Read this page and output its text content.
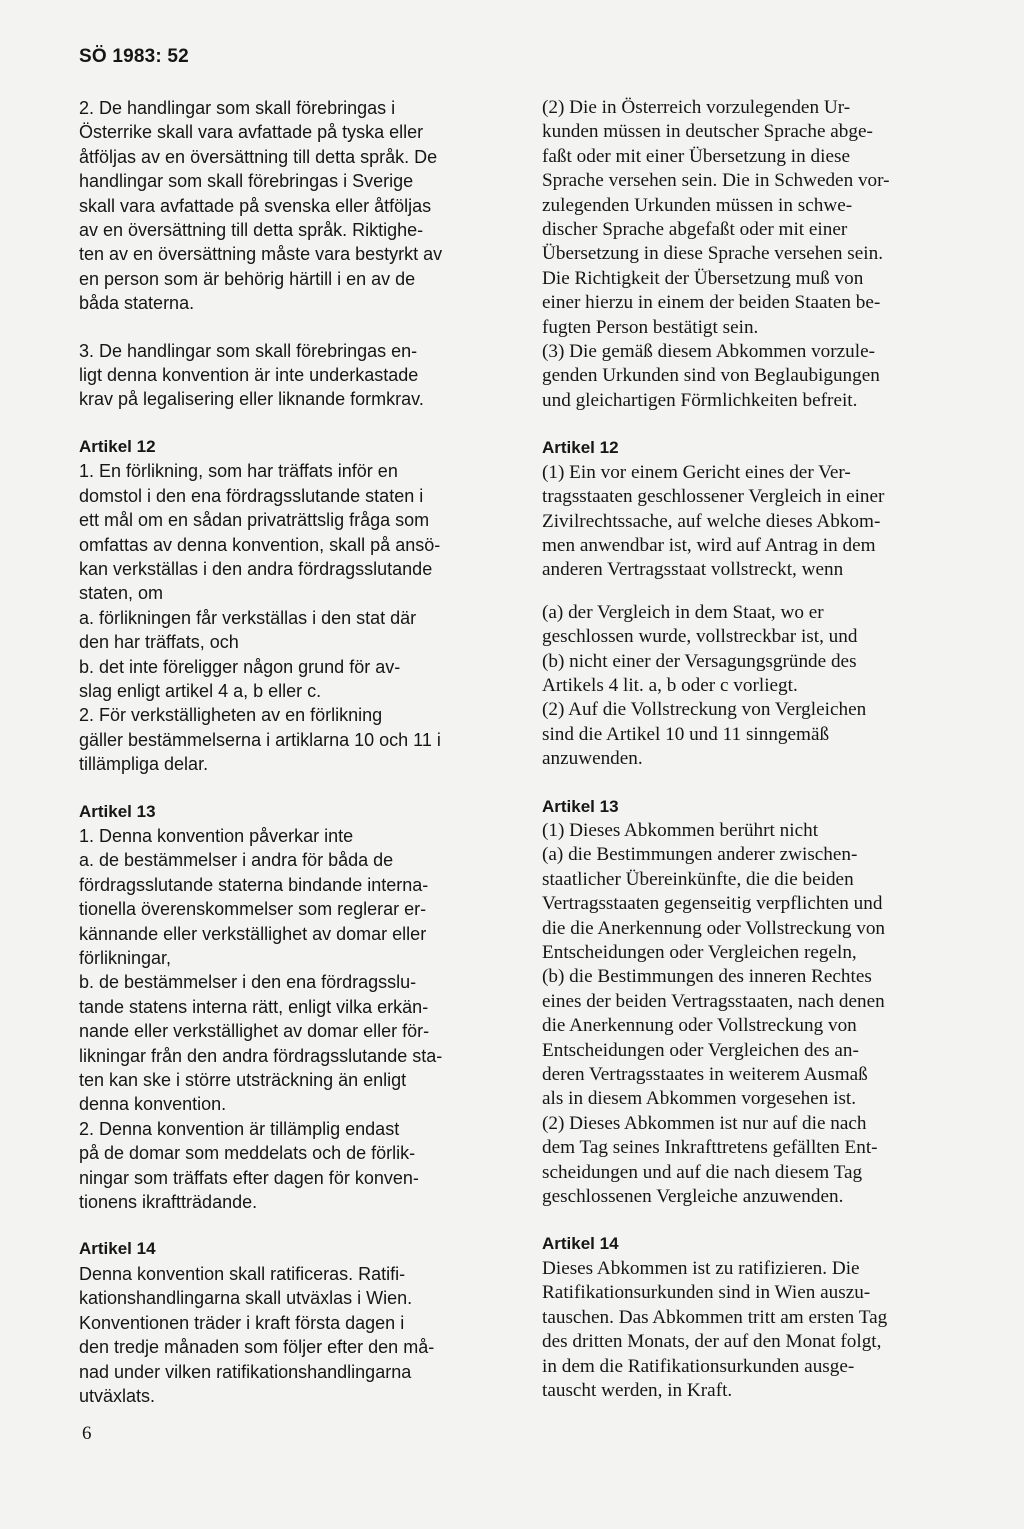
SÖ 1983: 52
2. De handlingar som skall förebringas i
Österrike skall vara avfattade på tyska eller
åtföljas av en översättning till detta språk. De
handlingar som skall förebringas i Sverige
skall vara avfattade på svenska eller åtföljas
av en översättning till detta språk. Riktighe-
ten av en översättning måste vara bestyrkt av
en person som är behörig härtill i en av de
båda staterna.
3. De handlingar som skall förebringas en-
ligt denna konvention är inte underkastade
krav på legalisering eller liknande formkrav.
Artikel 12
1. En förlikning, som har träffats inför en
domstol i den ena fördragsslutande staten i
ett mål om en sådan privaträttslig fråga som
omfattas av denna konvention, skall på ansö-
kan verkställas i den andra fördragsslutande
staten, om
a. förlikningen får verkställas i den stat där
den har träffats, och
b. det inte föreligger någon grund för av-
slag enligt artikel 4 a, b eller c.
2. För verkställigheten av en förlikning
gäller bestämmelserna i artiklarna 10 och 11 i
tillämpliga delar.
Artikel 13
1. Denna konvention påverkar inte
a. de bestämmelser i andra för båda de
fördragsslutande staterna bindande interna-
tionella överenskommelser som reglerar er-
kännande eller verkställighet av domar eller
förlikningar,
b. de bestämmelser i den ena fördragsslu-
tande statens interna rätt, enligt vilka erkän-
nande eller verkställighet av domar eller för-
likningar från den andra fördragsslutande sta-
ten kan ske i större utsträckning än enligt
denna konvention.
2. Denna konvention är tillämplig endast
på de domar som meddelats och de förlik-
ningar som träffats efter dagen för konven-
tionens ikraftträdande.
Artikel 14
Denna konvention skall ratificeras. Ratifi-
kationshandlingarna skall utväxlas i Wien.
Konventionen träder i kraft första dagen i
den tredje månaden som följer efter den må-
nad under vilken ratifikationshandlingarna
utväxlats.
(2) Die in Österreich vorzulegenden Ur-
kunden müssen in deutscher Sprache abge-
faßt oder mit einer Übersetzung in diese
Sprache versehen sein. Die in Schweden vor-
zulegenden Urkunden müssen in schwe-
discher Sprache abgefaßt oder mit einer
Übersetzung in diese Sprache versehen sein.
Die Richtigkeit der Übersetzung muß von
einer hierzu in einem der beiden Staaten be-
fugten Person bestätigt sein.
(3) Die gemäß diesem Abkommen vorzule-
genden Urkunden sind von Beglaubigungen
und gleichartigen Förmlichkeiten befreit.
Artikel 12
(1) Ein vor einem Gericht eines der Ver-
tragsstaaten geschlossener Vergleich in einer
Zivilrechtssache, auf welche dieses Abkom-
men anwendbar ist, wird auf Antrag in dem
anderen Vertragsstaat vollstreckt, wenn
(a) der Vergleich in dem Staat, wo er
geschlossen wurde, vollstreckbar ist, und
(b) nicht einer der Versagungsgründe des
Artikels 4 lit. a, b oder c vorliegt.
(2) Auf die Vollstreckung von Vergleichen
sind die Artikel 10 und 11 sinngemäß
anzuwenden.
Artikel 13
(1) Dieses Abkommen berührt nicht
(a) die Bestimmungen anderer zwischen-
staatlicher Übereinkünfte, die die beiden
Vertragsstaaten gegenseitig verpflichten und
die die Anerkennung oder Vollstreckung von
Entscheidungen oder Vergleichen regeln,
(b) die Bestimmungen des inneren Rechtes
eines der beiden Vertragsstaaten, nach denen
die Anerkennung oder Vollstreckung von
Entscheidungen oder Vergleichen des an-
deren Vertragsstaates in weiterem Ausmaß
als in diesem Abkommen vorgesehen ist.
(2) Dieses Abkommen ist nur auf die nach
dem Tag seines Inkrafttretens gefällten Ent-
scheidungen und auf die nach diesem Tag
geschlossenen Vergleiche anzuwenden.
Artikel 14
Dieses Abkommen ist zu ratifizieren. Die
Ratifikationsurkunden sind in Wien auszu-
tauschen. Das Abkommen tritt am ersten Tag
des dritten Monats, der auf den Monat folgt,
in dem die Ratifikationsurkunden ausge-
tauscht werden, in Kraft.
6
